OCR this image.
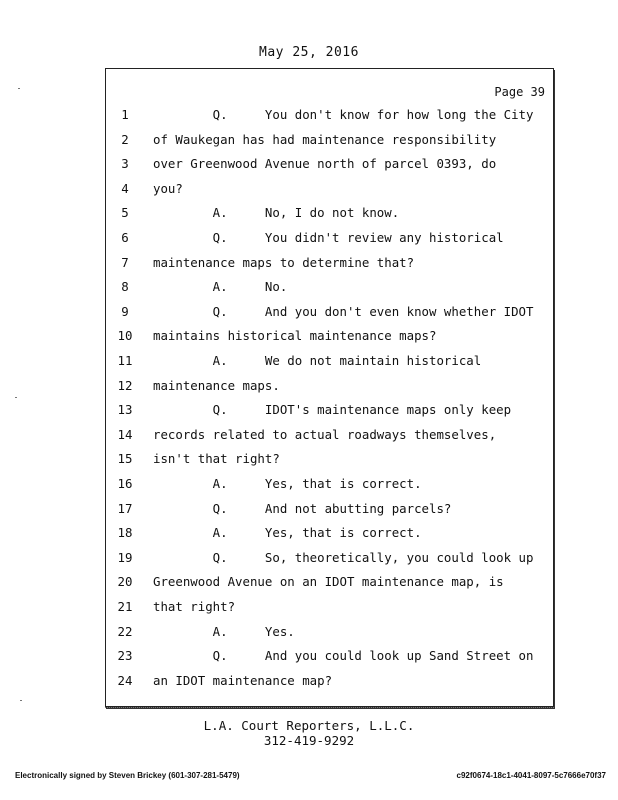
May 25, 2016
Page 39
1	Q.     You don't know for how long the City
2	of Waukegan has had maintenance responsibility
3	over Greenwood Avenue north of parcel 0393, do
4	you?
5	A.     No, I do not know.
6	Q.     You didn't review any historical
7	maintenance maps to determine that?
8	A.     No.
9	Q.     And you don't even know whether IDOT
10	maintains historical maintenance maps?
11	A.     We do not maintain historical
12	maintenance maps.
13	Q.     IDOT's maintenance maps only keep
14	records related to actual roadways themselves,
15	isn't that right?
16	A.     Yes, that is correct.
17	Q.     And not abutting parcels?
18	A.     Yes, that is correct.
19	Q.     So, theoretically, you could look up
20	Greenwood Avenue on an IDOT maintenance map, is
21	that right?
22	A.     Yes.
23	Q.     And you could look up Sand Street on
24	an IDOT maintenance map?
L.A. Court Reporters, L.L.C.
312-419-9292
Electronically signed by Steven Brickey (601-307-281-5479)	c92f0674-18c1-4041-8097-5c7666e70f37
